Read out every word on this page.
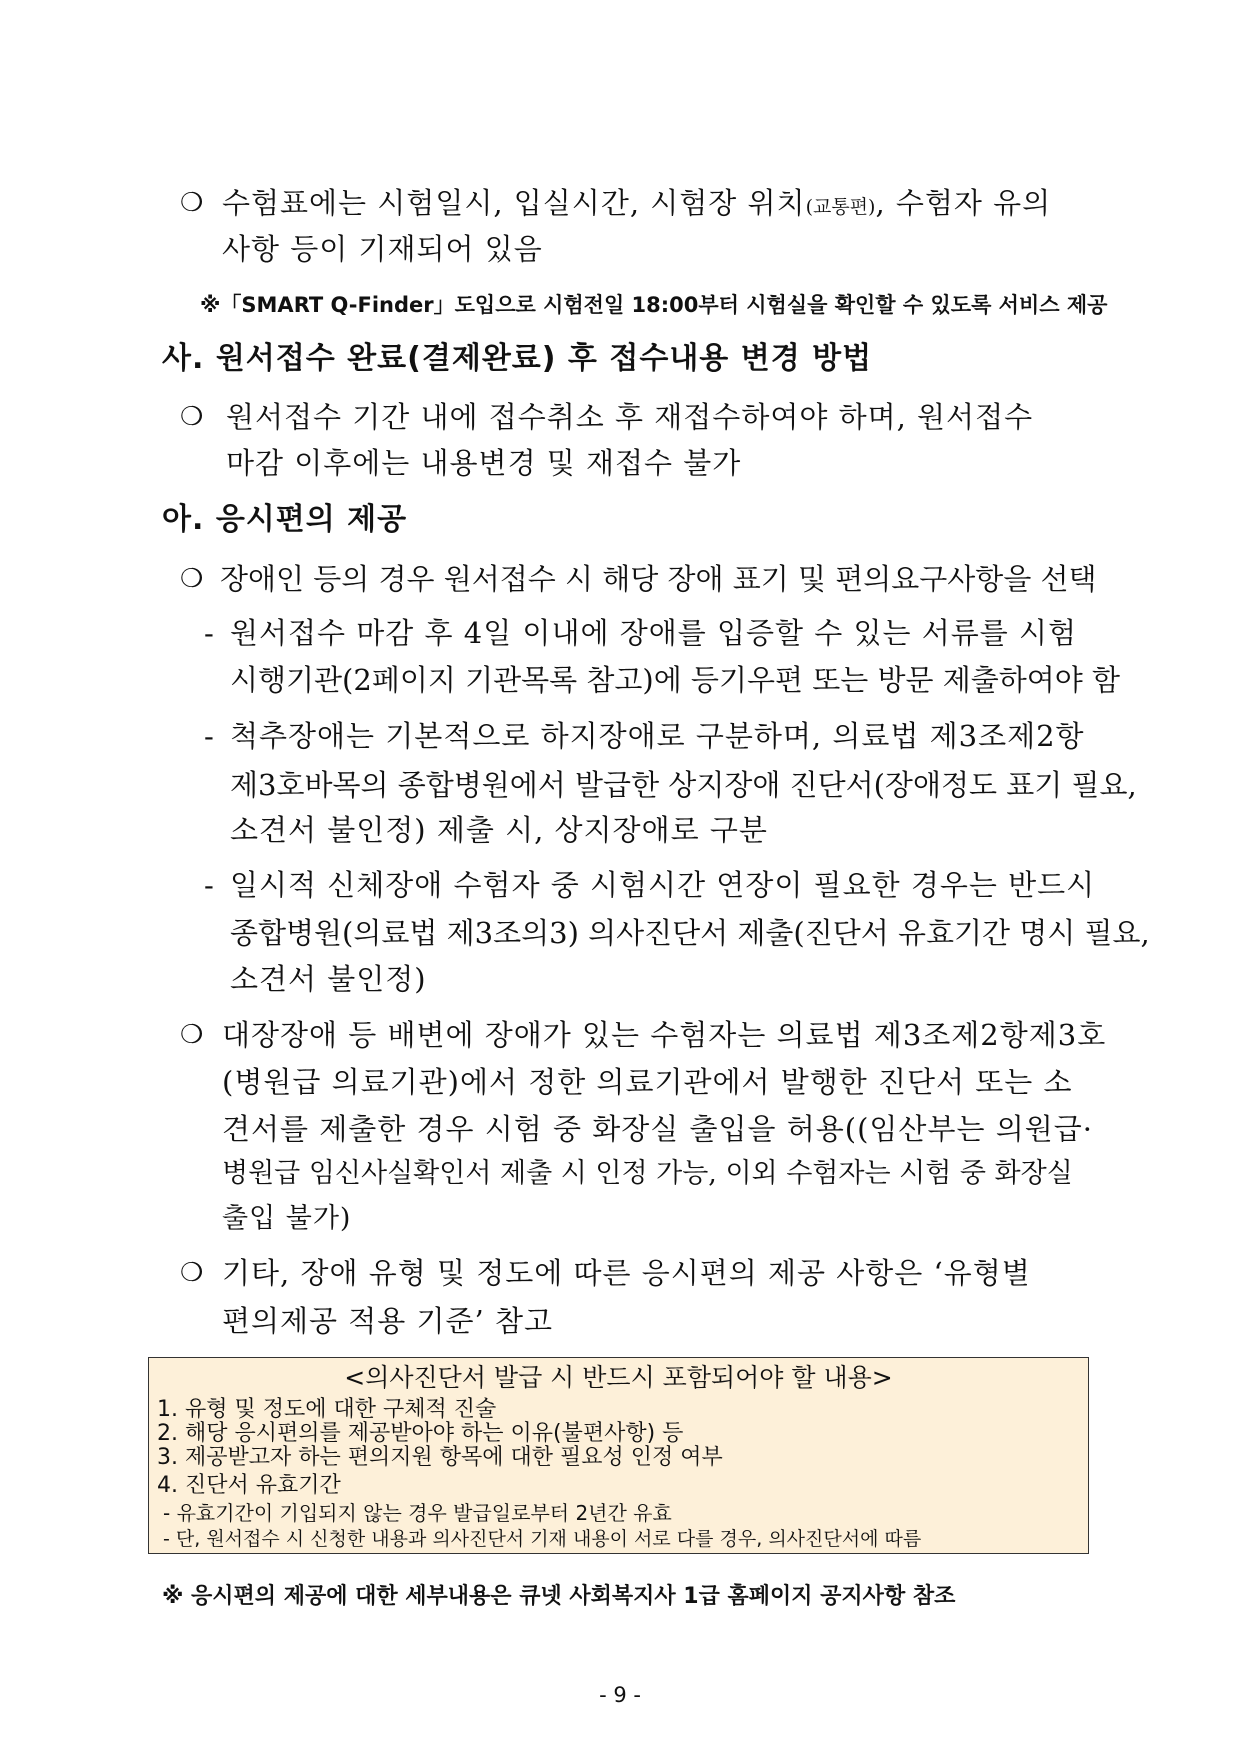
❍ 수험표에는 시험일시, 입실시간, 시험장 위치(교통편), 수험자 유의
사항 등이 기재되어 있음
※「SMART Q-Finder」도입으로 시험전일 18:00부터 시험실을 확인할 수 있도록 서비스 제공
사. 원서접수 완료(결제완료) 후 접수내용 변경 방법
❍ 원서접수 기간 내에 접수취소 후 재접수하여야 하며, 원서접수
마감 이후에는 내용변경 및 재접수 불가
아. 응시편의 제공
❍ 장애인 등의 경우 원서접수 시 해당 장애 표기 및 편의요구사항을 선택
- 원서접수 마감 후 4일 이내에 장애를 입증할 수 있는 서류를 시험
시행기관(2페이지 기관목록 참고)에 등기우편 또는 방문 제출하여야 함
- 척추장애는 기본적으로 하지장애로 구분하며, 의료법 제3조제2항
제3호바목의 종합병원에서 발급한 상지장애 진단서(장애정도 표기 필요,
소견서 불인정) 제출 시, 상지장애로 구분
- 일시적 신체장애 수험자 중 시험시간 연장이 필요한 경우는 반드시
종합병원(의료법 제3조의3) 의사진단서 제출(진단서 유효기간 명시 필요,
소견서 불인정)
❍ 대장장애 등 배변에 장애가 있는 수험자는 의료법 제3조제2항제3호
(병원급 의료기관)에서 정한 의료기관에서 발행한 진단서 또는 소
견서를 제출한 경우 시험 중 화장실 출입을 허용((임산부는 의원급·
병원급 임신사실확인서 제출 시 인정 가능, 이외 수험자는 시험 중 화장실
출입 불가)
❍ 기타, 장애 유형 및 정도에 따른 응시편의 제공 사항은 ‘유형별
편의제공 적용 기준’ 참고
<의사진단서 발급 시 반드시 포함되어야 할 내용>
1. 유형 및 정도에 대한 구체적 진술
2. 해당 응시편의를 제공받아야 하는 이유(불편사항) 등
3. 제공받고자 하는 편의지원 항목에 대한 필요성 인정 여부
4. 진단서 유효기간
- 유효기간이 기입되지 않는 경우 발급일로부터 2년간 유효
- 단, 원서접수 시 신청한 내용과 의사진단서 기재 내용이 서로 다를 경우, 의사진단서에 따름
※ 응시편의 제공에 대한 세부내용은 큐넷 사회복지사 1급 홈페이지 공지사항 참조
- 9 -
